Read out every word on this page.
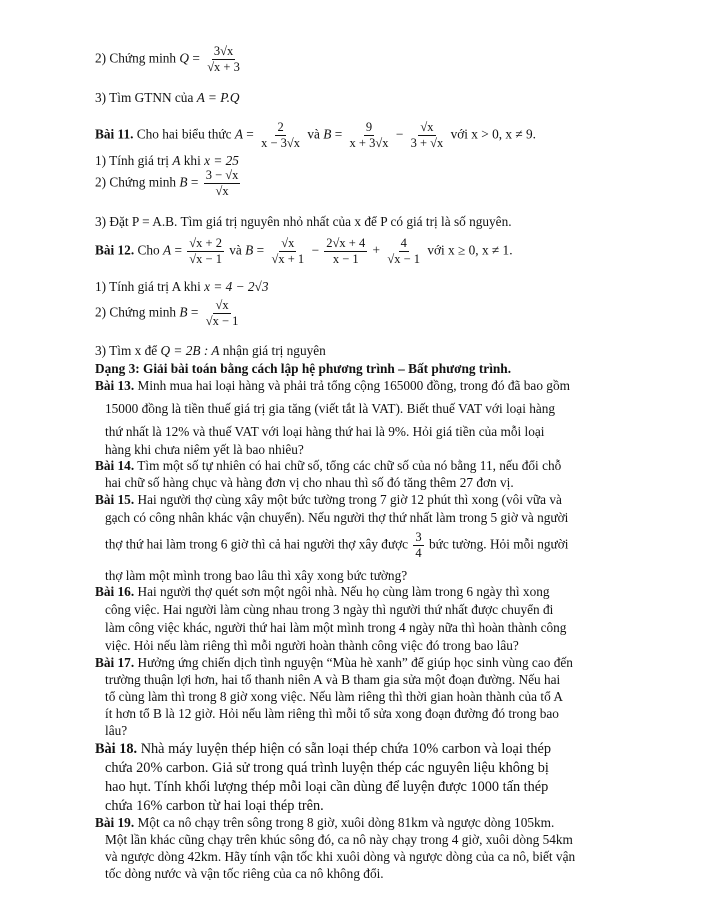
2) Chứng minh $Q = \frac{3√x}{√x + 3}$
3) Tìm GTNN của A = P.Q
Bài 11. Cho hai biểu thức $A = \frac{2}{x - 3√x}$ và $B = \frac{9}{x + 3√x} - \frac{√x}{3 + √x}$ với x > 0, x ≠ 9.
1) Tính giá trị A khi x = 25
2) Chứng minh $B = \frac{3 - √x}{√x}$
3) Đặt P = A.B. Tìm giá trị nguyên nhỏ nhất của x để P có giá trị là số nguyên.
Bài 12. Cho $A = \frac{√x + 2}{√x - 1}$ và $B = \frac{√x}{√x + 1} - \frac{2√x + 4}{x - 1} + \frac{4}{√x - 1}$ với x ≥ 0, x ≠ 1.
1) Tính giá trị A khi x = 4 − 2√3
2) Chứng minh $B = \frac{√x}{√x - 1}$
3) Tìm x để Q = 2B : A nhận giá trị nguyên
Dạng 3: Giải bài toán bằng cách lập hệ phương trình – Bất phương trình.
Bài 13. Minh mua hai loại hàng và phải trả tổng cộng 165000 đồng, trong đó đã bao gồm
15000 đồng là tiền thuế giá trị gia tăng (viết tắt là VAT). Biết thuế VAT với loại hàng
thứ nhất là 12% và thuế VAT với loại hàng thứ hai là 9%. Hỏi giá tiền của mỗi loại
hàng khi chưa niêm yết là bao nhiêu?
Bài 14. Tìm một số tự nhiên có hai chữ số, tổng các chữ số của nó bằng 11, nếu đổi chỗ
hai chữ số hàng chục và hàng đơn vị cho nhau thì số đó tăng thêm 27 đơn vị.
Bài 15. Hai người thợ cùng xây một bức tường trong 7 giờ 12 phút thì xong (vôi vữa và
gạch có công nhân khác vận chuyển). Nếu người thợ thứ nhất làm trong 5 giờ và người
thợ thứ hai làm trong 6 giờ thì cả hai người thợ xây được $\frac{3}{4}$ bức tường. Hỏi mỗi người
thợ làm một mình trong bao lâu thì xây xong bức tường?
Bài 16. Hai người thợ quét sơn một ngôi nhà. Nếu họ cùng làm trong 6 ngày thì xong
công việc. Hai người làm cùng nhau trong 3 ngày thì người thứ nhất được chuyển đi
làm công việc khác, người thứ hai làm một mình trong 4 ngày nữa thì hoàn thành công
việc. Hỏi nếu làm riêng thì mỗi người hoàn thành công việc đó trong bao lâu?
Bài 17. Hưởng ứng chiến dịch tình nguyện “Mùa hè xanh” để giúp học sinh vùng cao đến
trường thuận lợi hơn, hai tổ thanh niên A và B tham gia sửa một đoạn đường. Nếu hai
tổ cùng làm thì trong 8 giờ xong việc. Nếu làm riêng thì thời gian hoàn thành của tổ A
ít hơn tổ B là 12 giờ. Hỏi nếu làm riêng thì mỗi tổ sửa xong đoạn đường đó trong bao
lâu?
Bài 18. Nhà máy luyện thép hiện có sẵn loại thép chứa 10% carbon và loại thép
chứa 20% carbon. Giả sử trong quá trình luyện thép các nguyên liệu không bị
hao hụt. Tính khối lượng thép mỗi loại cần dùng để luyện được 1000 tấn thép
chứa 16% carbon từ hai loại thép trên.
Bài 19. Một ca nô chạy trên sông trong 8 giờ, xuôi dòng 81km và ngược dòng 105km.
Một lần khác cũng chạy trên khúc sông đó, ca nô này chạy trong 4 giờ, xuôi dòng 54km
và ngược dòng 42km. Hãy tính vận tốc khi xuôi dòng và ngược dòng của ca nô, biết vận
tốc dòng nước và vận tốc riêng của ca nô không đổi.
